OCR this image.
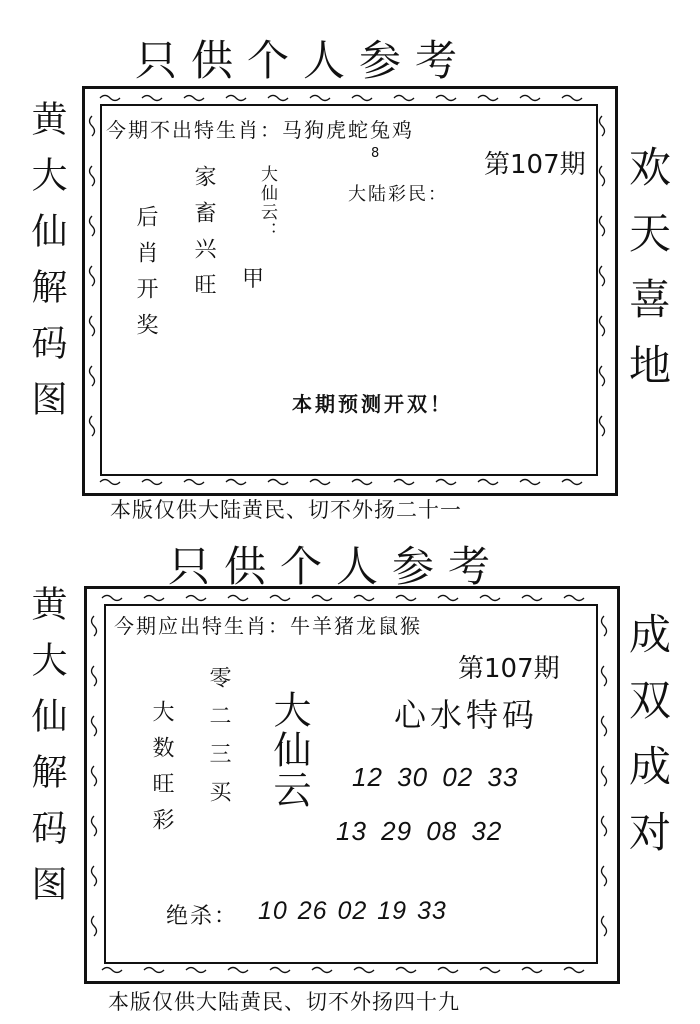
只供个人参考
黄大仙解码图	欢天喜地
今期不出特生肖：马狗虎蛇兔鸡
8	第107期
大陆彩民：
后肖开奖 家畜兴旺 大仙云：
甲
本期预测开双！
本版仅供大陆黄民、切不外扬二十一
只供个人参考
黄大仙解码图	成双成对
今期应出特生肖：牛羊猪龙鼠猴
第107期
心水特码
大数旺彩 零二三买 大仙云 12 30 02 33
13 29 08 32
绝杀： 10 26 02 19 33
本版仅供大陆黄民、切不外扬四十九
